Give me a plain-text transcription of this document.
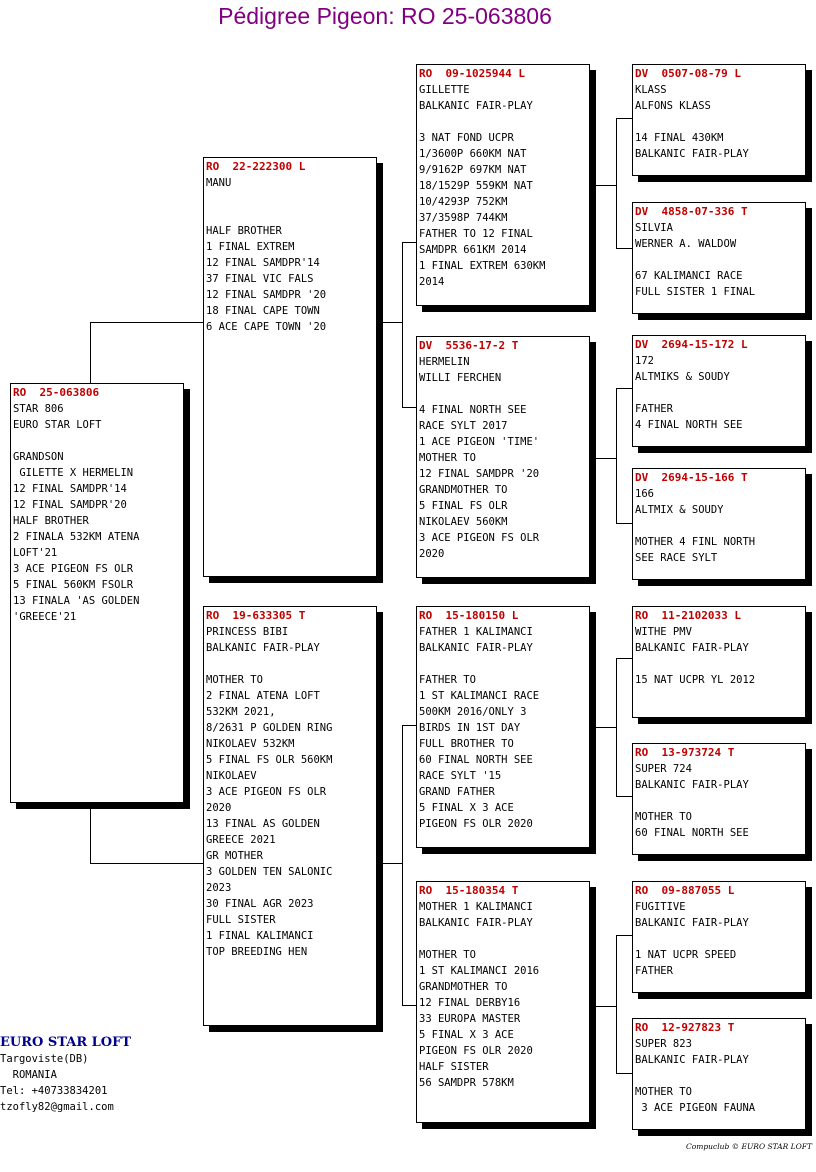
Pédigree Pigeon: RO 25-063806
RO  25-063806
STAR 806
EURO STAR LOFT
GRANDSON
GILETTE X HERMELIN
12 FINAL SAMDPR'14
12 FINAL SAMDPR'20
HALF BROTHER
2 FINALA 532KM ATENA
LOFT'21
3 ACE PIGEON FS OLR
5 FINAL 560KM FSOLR
13 FINALA 'AS GOLDEN
'GREECE'21
RO  22-222300 L
MANU
HALF BROTHER
1 FINAL EXTREM
12 FINAL SAMDPR'14
37 FINAL VIC FALS
12 FINAL SAMDPR '20
18 FINAL CAPE TOWN
6 ACE CAPE TOWN '20
RO  19-633305 T
PRINCESS BIBI
BALKANIC FAIR-PLAY
MOTHER TO
2 FINAL ATENA LOFT
532KM 2021,
8/2631 P GOLDEN RING
NIKOLAEV 532KM
5 FINAL FS OLR 560KM
NIKOLAEV
3 ACE PIGEON FS OLR
2020
13 FINAL AS GOLDEN
GREECE 2021
GR MOTHER
3 GOLDEN TEN SALONIC
2023
30 FINAL AGR 2023
FULL SISTER
1 FINAL KALIMANCI
TOP BREEDING HEN
RO  09-1025944 L
GILLETTE
BALKANIC FAIR-PLAY
3 NAT FOND UCPR
1/3600P 660KM NAT
9/9162P 697KM NAT
18/1529P 559KM NAT
10/4293P 752KM
37/3598P 744KM
FATHER TO 12 FINAL
SAMDPR 661KM 2014
1 FINAL EXTREM 630KM
2014
DV  5536-17-2 T
HERMELIN
WILLI FERCHEN
4 FINAL NORTH SEE
RACE SYLT 2017
1 ACE PIGEON 'TIME'
MOTHER TO
12 FINAL SAMDPR '20
GRANDMOTHER TO
5 FINAL FS OLR
NIKOLAEV 560KM
3 ACE PIGEON FS OLR
2020
RO  15-180150 L
FATHER 1 KALIMANCI
BALKANIC FAIR-PLAY
FATHER TO
1 ST KALIMANCI RACE
500KM 2016/ONLY 3
BIRDS IN 1ST DAY
FULL BROTHER TO
60 FINAL NORTH SEE
RACE SYLT '15
GRAND FATHER
5 FINAL X 3 ACE
PIGEON FS OLR 2020
RO  15-180354 T
MOTHER 1 KALIMANCI
BALKANIC FAIR-PLAY
MOTHER TO
1 ST KALIMANCI 2016
GRANDMOTHER TO
12 FINAL DERBY16
33 EUROPA MASTER
5 FINAL X 3 ACE
PIGEON FS OLR 2020
HALF SISTER
56 SAMDPR 578KM
DV  0507-08-79 L
KLASS
ALFONS KLASS
14 FINAL 430KM
BALKANIC FAIR-PLAY
DV  4858-07-336 T
SILVIA
WERNER A. WALDOW
67 KALIMANCI RACE
FULL SISTER 1 FINAL
DV  2694-15-172 L
172
ALTMIKS & SOUDY
FATHER
4 FINAL NORTH SEE
DV  2694-15-166 T
166
ALTMIX & SOUDY
MOTHER 4 FINL NORTH
SEE RACE SYLT
RO  11-2102033 L
WITHE PMV
BALKANIC FAIR-PLAY
15 NAT UCPR YL 2012
RO  13-973724 T
SUPER 724
BALKANIC FAIR-PLAY
MOTHER TO
60 FINAL NORTH SEE
RO  09-887055 L
FUGITIVE
BALKANIC FAIR-PLAY
1 NAT UCPR SPEED
FATHER
RO  12-927823 T
SUPER 823
BALKANIC FAIR-PLAY
MOTHER TO
3 ACE PIGEON FAUNA
EURO STAR LOFT
Targoviste(DB)
ROMANIA
Tel: +40733834201
tzofly82@gmail.com
Compuclub © EURO STAR LOFT
